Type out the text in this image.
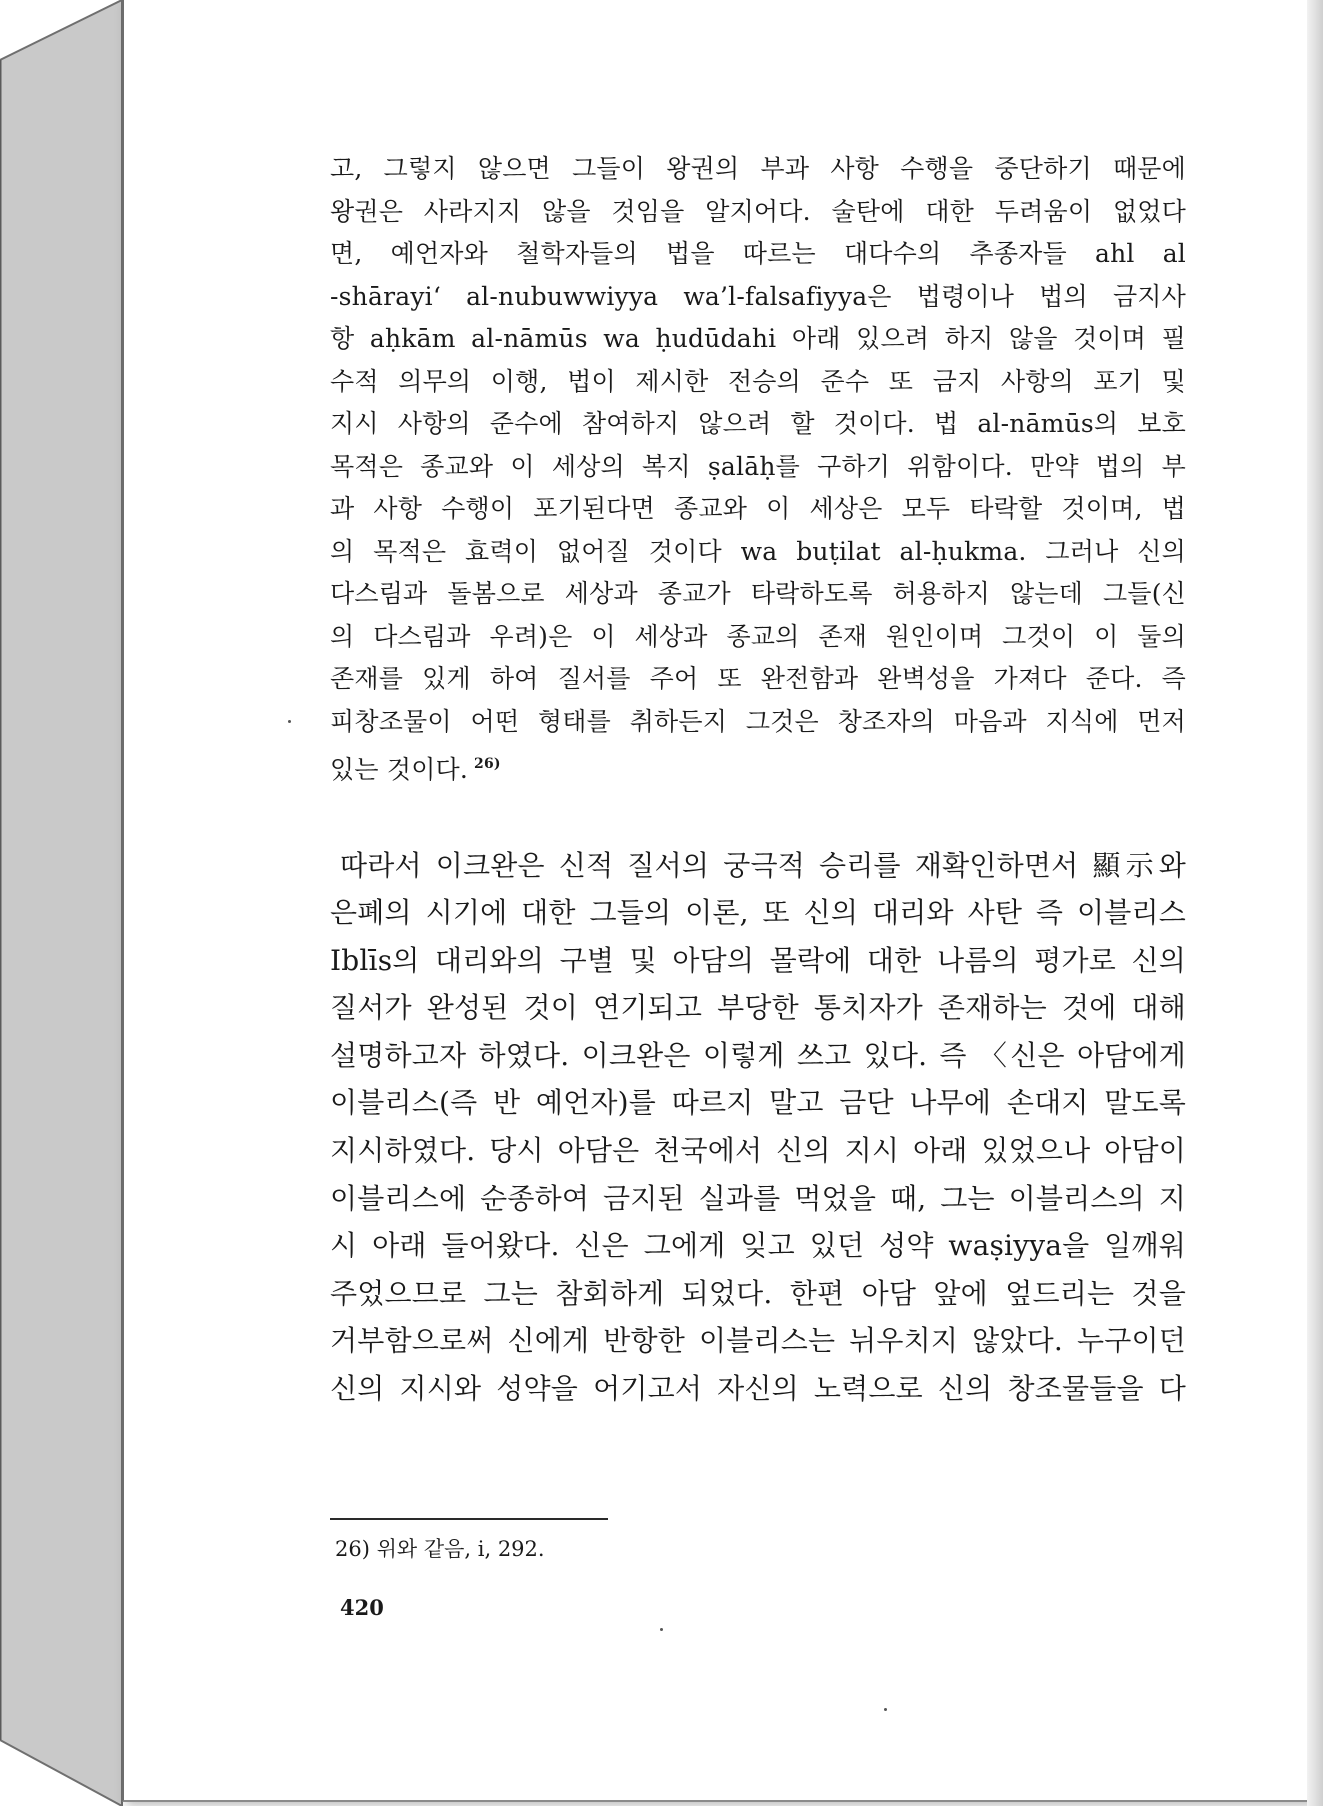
고, 그렇지 않으면 그들이 왕권의 부과 사항 수행을 중단하기 때문에
왕권은 사라지지 않을 것임을 알지어다. 술탄에 대한 두려움이 없었다
면, 예언자와 철학자들의 법을 따르는 대다수의 추종자들 ahl al
-shārayi‘ al-nubuwwiyya wa’l-falsafiyya은 법령이나 법의 금지사
항 aḥkām al-nāmūs wa ḥudūdahi 아래 있으려 하지 않을 것이며 필
수적 의무의 이행, 법이 제시한 전승의 준수 또 금지 사항의 포기 및
지시 사항의 준수에 참여하지 않으려 할 것이다. 법 al-nāmūs의 보호
목적은 종교와 이 세상의 복지 ṣalāḥ를 구하기 위함이다. 만약 법의 부
과 사항 수행이 포기된다면 종교와 이 세상은 모두 타락할 것이며, 법
의 목적은 효력이 없어질 것이다 wa buṭilat al-ḥukma. 그러나 신의
다스림과 돌봄으로 세상과 종교가 타락하도록 허용하지 않는데 그들(신
의 다스림과 우려)은 이 세상과 종교의 존재 원인이며 그것이 이 둘의
존재를 있게 하여 질서를 주어 또 완전함과 완벽성을 가져다 준다. 즉
피창조물이 어떤 형태를 취하든지 그것은 창조자의 마음과 지식에 먼저
있는 것이다. $^{26)}$
따라서 이크완은 신적 질서의 궁극적 승리를 재확인하면서 顯示와
은폐의 시기에 대한 그들의 이론, 또 신의 대리와 사탄 즉 이블리스
Iblīs의 대리와의 구별 및 아담의 몰락에 대한 나름의 평가로 신의
질서가 완성된 것이 연기되고 부당한 통치자가 존재하는 것에 대해
설명하고자 하였다. 이크완은 이렇게 쓰고 있다. 즉 〈신은 아담에게
이블리스(즉 반 예언자)를 따르지 말고 금단 나무에 손대지 말도록
지시하였다. 당시 아담은 천국에서 신의 지시 아래 있었으나 아담이
이블리스에 순종하여 금지된 실과를 먹었을 때, 그는 이블리스의 지
시 아래 들어왔다. 신은 그에게 잊고 있던 성약 waṣiyya을 일깨워
주었으므로 그는 참회하게 되었다. 한편 아담 앞에 엎드리는 것을
거부함으로써 신에게 반항한 이블리스는 뉘우치지 않았다. 누구이던
신의 지시와 성약을 어기고서 자신의 노력으로 신의 창조물들을 다
26) 위와 같음, i, 292.
420
